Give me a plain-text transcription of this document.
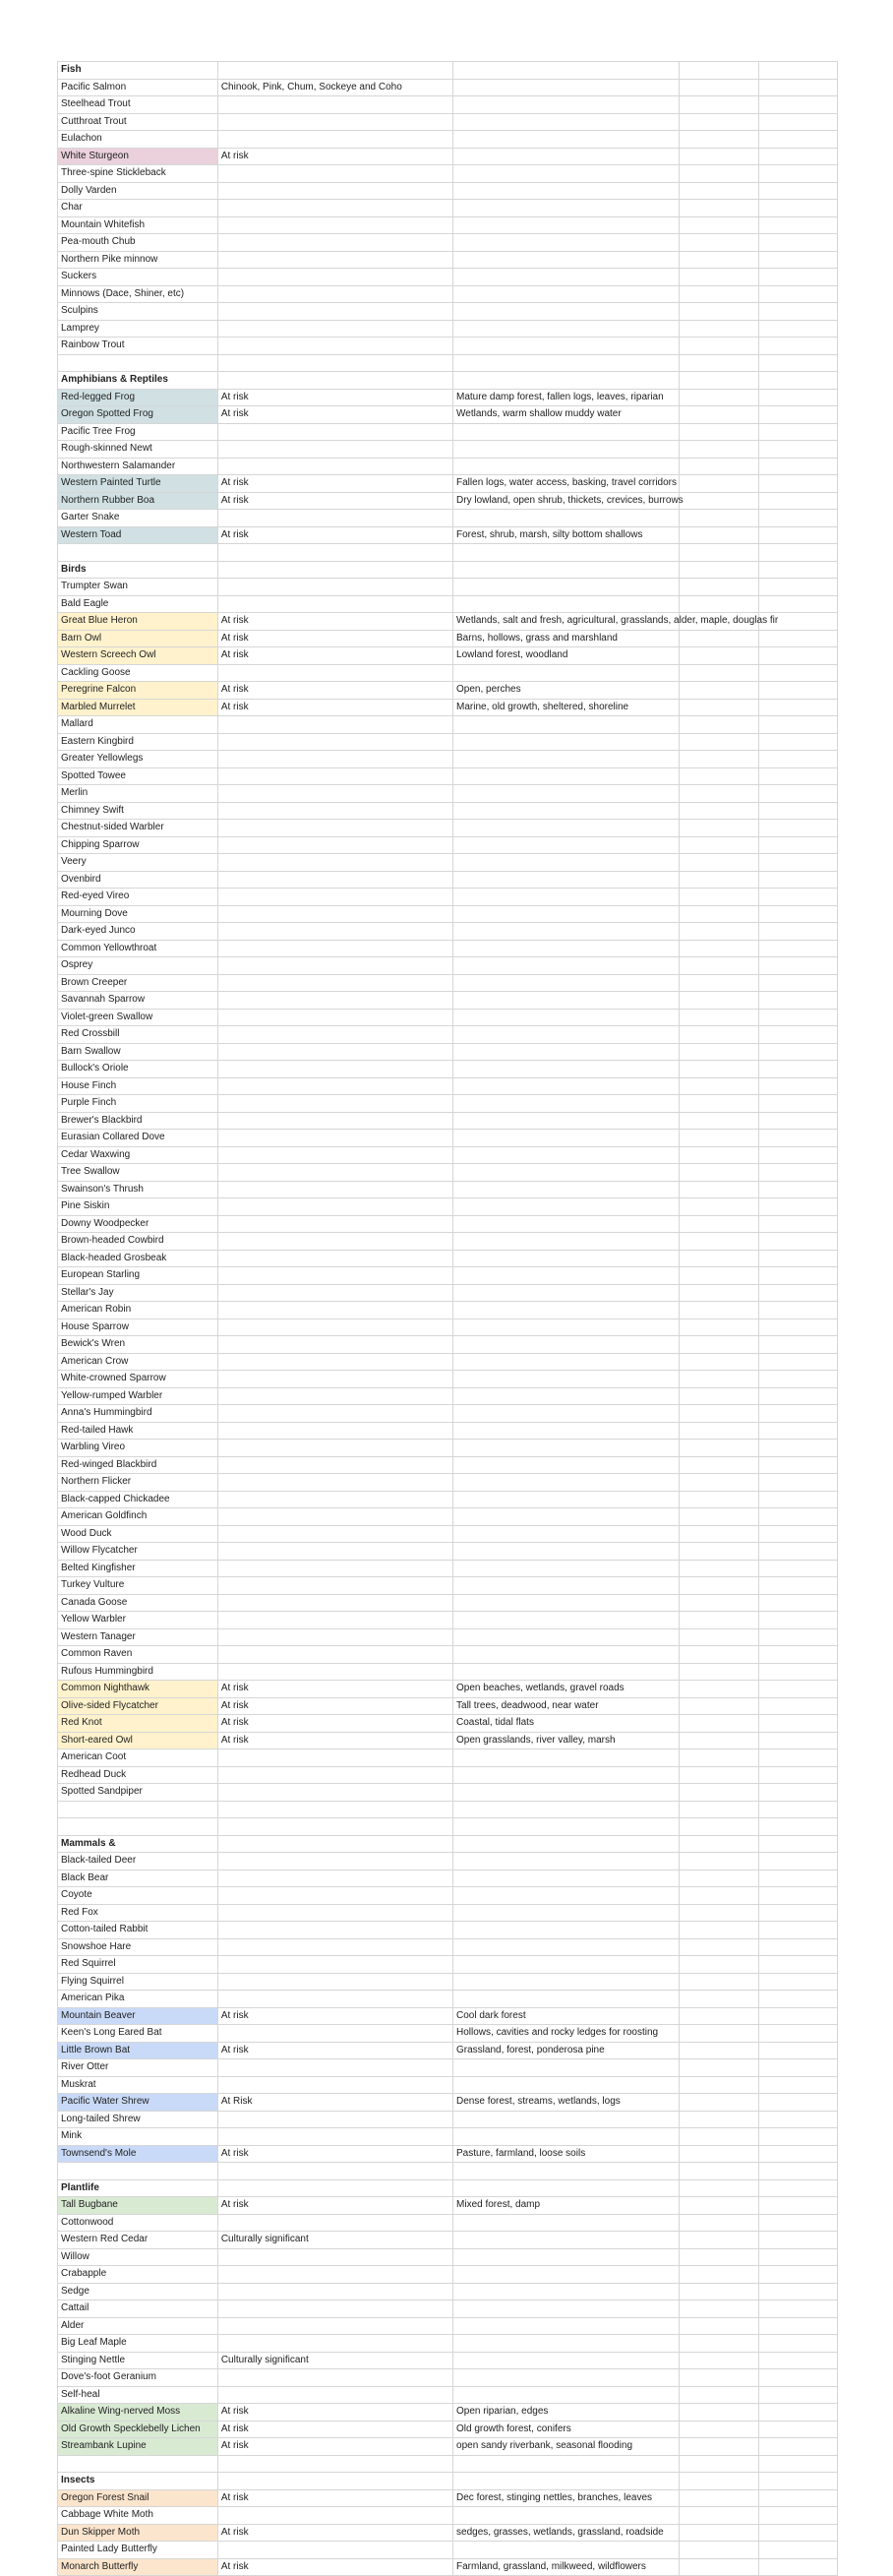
Fish				
Pacific Salmon	Chinook, Pink, Chum, Sockeye and Coho			
Steelhead Trout				
Cutthroat Trout				
Eulachon				
White Sturgeon	At risk			
Three-spine Stickleback				
Dolly Varden				
Char				
Mountain Whitefish				
Pea-mouth Chub				
Northern Pike minnow				
Suckers				
Minnows (Dace, Shiner, etc)				
Sculpins				
Lamprey				
Rainbow Trout				

Amphibians & Reptiles				
Red-legged Frog	At risk	Mature damp forest, fallen logs, leaves, riparian		
Oregon Spotted Frog	At risk	Wetlands, warm shallow muddy water		
Pacific Tree Frog				
Rough-skinned Newt				
Northwestern Salamander				
Western Painted Turtle	At risk	Fallen logs, water access, basking, travel corridors		
Northern Rubber Boa	At risk	Dry lowland, open shrub, thickets, crevices, burrows		
Garter Snake				
Western Toad	At risk	Forest, shrub, marsh, silty bottom shallows		

Birds				
Trumpter Swan				
Bald Eagle				
Great Blue Heron	At risk	Wetlands, salt and fresh, agricultural, grasslands, alder, maple, douglas fir		
Barn Owl	At risk	Barns, hollows, grass and marshland		
Western Screech Owl	At risk	Lowland forest, woodland		
Cackling Goose				
Peregrine Falcon	At risk	Open, perches		
Marbled Murrelet	At risk	Marine, old growth, sheltered, shoreline		
Mallard				
Eastern Kingbird				
Greater Yellowlegs				
Spotted Towee				
Merlin				
Chimney Swift				
Chestnut-sided Warbler				
Chipping Sparrow				
Veery				
Ovenbird				
Red-eyed Vireo				
Mourning Dove				
Dark-eyed Junco				
Common Yellowthroat				
Osprey				
Brown Creeper				
Savannah Sparrow				
Violet-green Swallow				
Red Crossbill				
Barn Swallow				
Bullock's Oriole				
House Finch				
Purple Finch				
Brewer's Blackbird				
Eurasian Collared Dove				
Cedar Waxwing				
Tree Swallow				
Swainson's Thrush				
Pine Siskin				
Downy Woodpecker				
Brown-headed Cowbird				
Black-headed Grosbeak				
European Starling				
Stellar's Jay				
American Robin				
House Sparrow				
Bewick's Wren				
American Crow				
White-crowned Sparrow				
Yellow-rumped Warbler				
Anna's Hummingbird				
Red-tailed Hawk				
Warbling Vireo				
Red-winged Blackbird				
Northern Flicker				
Black-capped Chickadee				
American Goldfinch				
Wood Duck				
Willow Flycatcher				
Belted Kingfisher				
Turkey Vulture				
Canada Goose				
Yellow Warbler				
Western Tanager				
Common Raven				
Rufous Hummingbird				
Common Nighthawk	At risk	Open beaches, wetlands, gravel roads		
Olive-sided Flycatcher	At risk	Tall trees, deadwood, near water		
Red Knot	At risk	Coastal, tidal flats		
Short-eared Owl	At risk	Open grasslands, river valley, marsh		
American Coot				
Redhead Duck				
Spotted Sandpiper				

Mammals &				
Black-tailed Deer				
Black Bear				
Coyote				
Red Fox				
Cotton-tailed Rabbit				
Snowshoe Hare				
Red Squirrel				
Flying Squirrel				
American Pika				
Mountain Beaver	At risk	Cool dark forest		
Keen's Long Eared Bat		Hollows, cavities and rocky ledges for roosting		
Little Brown Bat	At risk	Grassland, forest, ponderosa pine		
River Otter				
Muskrat				
Pacific Water Shrew	At Risk	Dense forest, streams, wetlands, logs		
Long-tailed Shrew				
Mink				
Townsend's Mole	At risk	Pasture, farmland, loose soils		

Plantlife				
Tall Bugbane	At risk	Mixed forest, damp		
Cottonwood				
Western Red Cedar	Culturally significant			
Willow				
Crabapple				
Sedge				
Cattail				
Alder				
Big Leaf Maple				
Stinging Nettle	Culturally significant			
Dove's-foot Geranium				
Self-heal				
Alkaline Wing-nerved Moss	At risk	Open riparian, edges		
Old Growth Specklebelly Lichen	At risk	Old growth forest, conifers		
Streambank Lupine	At risk	open sandy riverbank, seasonal flooding		

Insects				
Oregon Forest Snail	At risk	Dec forest, stinging nettles, branches, leaves		
Cabbage White Moth				
Dun Skipper Moth	At risk	sedges, grasses, wetlands, grassland, roadside		
Painted Lady Butterfly				
Monarch Butterfly	At risk	Farmland, grassland, milkweed, wildflowers		
